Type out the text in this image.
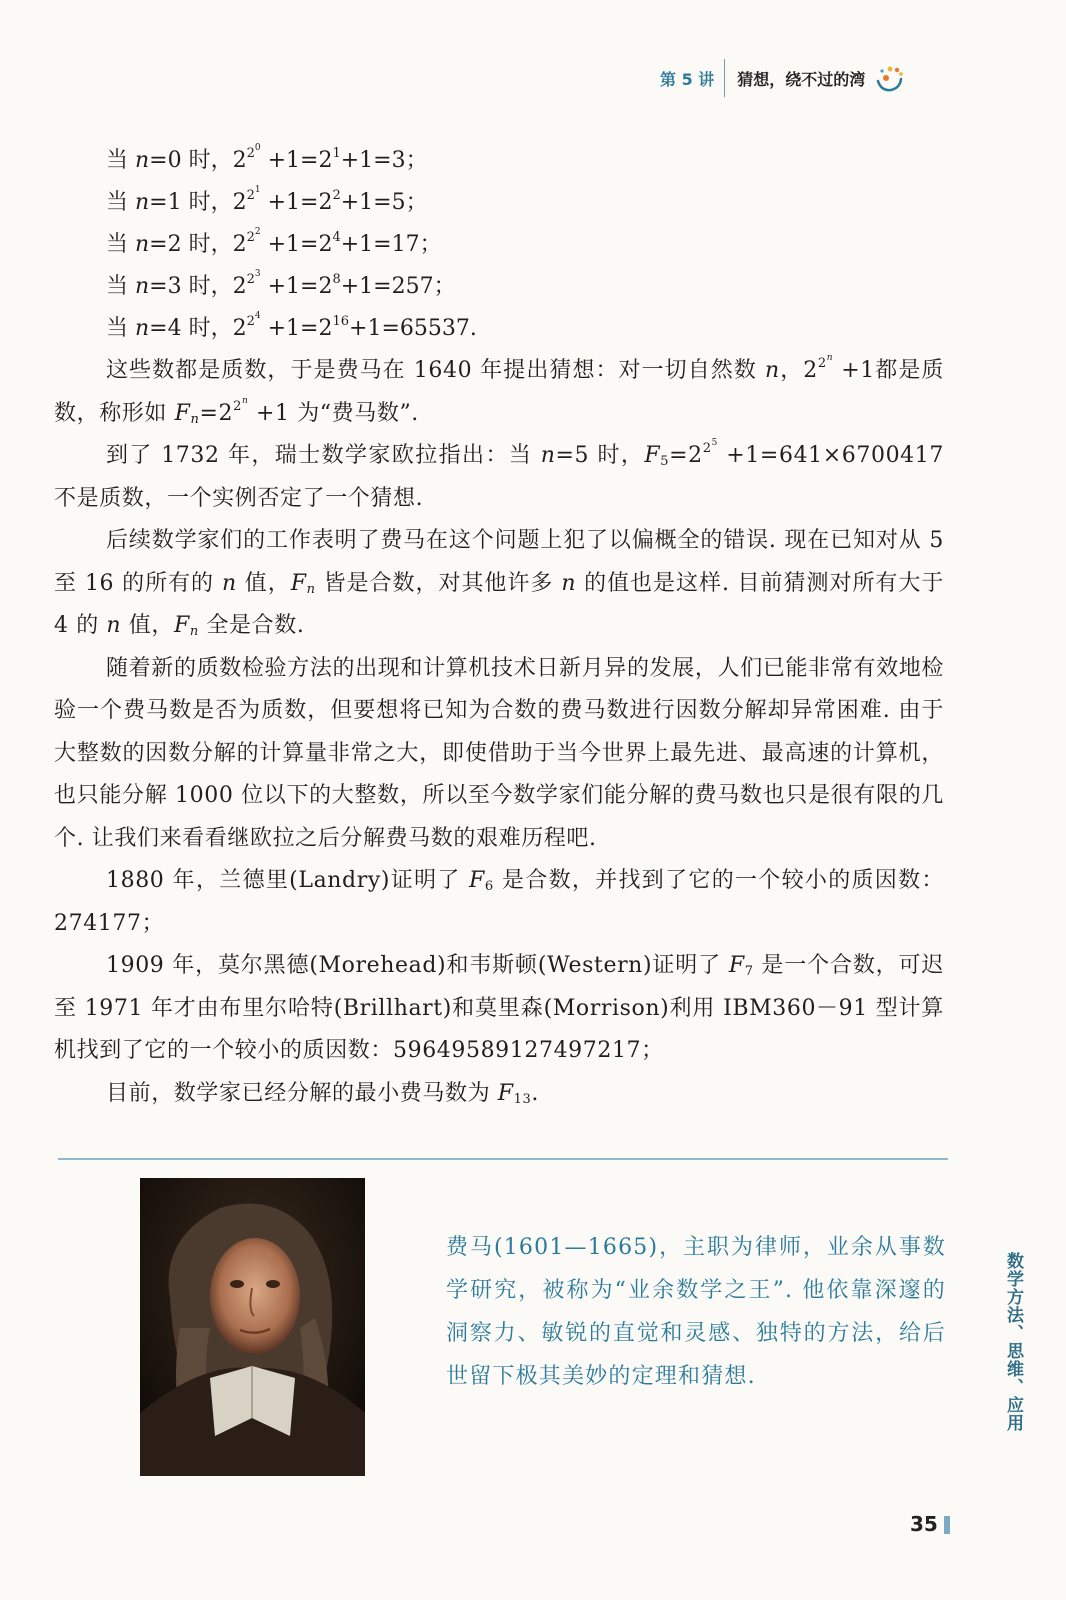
第 5 讲	猜想，绕不过的湾
当 n=0 时，$2^{2^0} +1=2^1+1=3$；
当 n=1 时，$2^{2^1} +1=2^2+1=5$；
当 n=2 时，$2^{2^2} +1=2^4+1=17$；
当 n=3 时，$2^{2^3} +1=2^8+1=257$；
当 n=4 时，$2^{2^4} +1=2^{16}+1=65537$.

这些数都是质数，于是费马在 1640 年提出猜想：对一切自然数 n，$2^{2^n} +1$都是质数，称形如 $F_n=2^{2^n} +1$ 为“费马数”.

到了 1732 年，瑞士数学家欧拉指出：当 n=5 时，$F_5=2^{2^5} +1=641\times 6700417$ 不是质数，一个实例否定了一个猜想.

后续数学家们的工作表明了费马在这个问题上犯了以偏概全的错误. 现在已知对从 5 至 16 的所有的 n 值，$F_n$ 皆是合数，对其他许多 n 的值也是这样. 目前猜测对所有大于 4 的 n 值，$F_n$ 全是合数.

随着新的质数检验方法的出现和计算机技术日新月异的发展，人们已能非常有效地检验一个费马数是否为质数，但要想将已知为合数的费马数进行因数分解却异常困难. 由于大整数的因数分解的计算量非常之大，即使借助于当今世界上最先进、最高速的计算机，也只能分解 1000 位以下的大整数，所以至今数学家们能分解的费马数也只是很有限的几个. 让我们来看看继欧拉之后分解费马数的艰难历程吧.

1880 年，兰德里(Landry)证明了 $F_6$ 是合数，并找到了它的一个较小的质因数：274177；

1909 年，莫尔黑德(Morehead)和韦斯顿(Western)证明了 $F_7$ 是一个合数，可迟至 1971 年才由布里尔哈特(Brillhart)和莫里森(Morrison)利用 IBM360－91 型计算机找到了它的一个较小的质因数：59649589127497217；

目前，数学家已经分解的最小费马数为 $F_{13}$.

费马(1601—1665)，主职为律师，业余从事数学研究，被称为“业余数学之王”. 他依靠深邃的洞察力、敏锐的直觉和灵感、独特的方法，给后世留下极其美妙的定理和猜想.	数学方法、思维、应用
35
